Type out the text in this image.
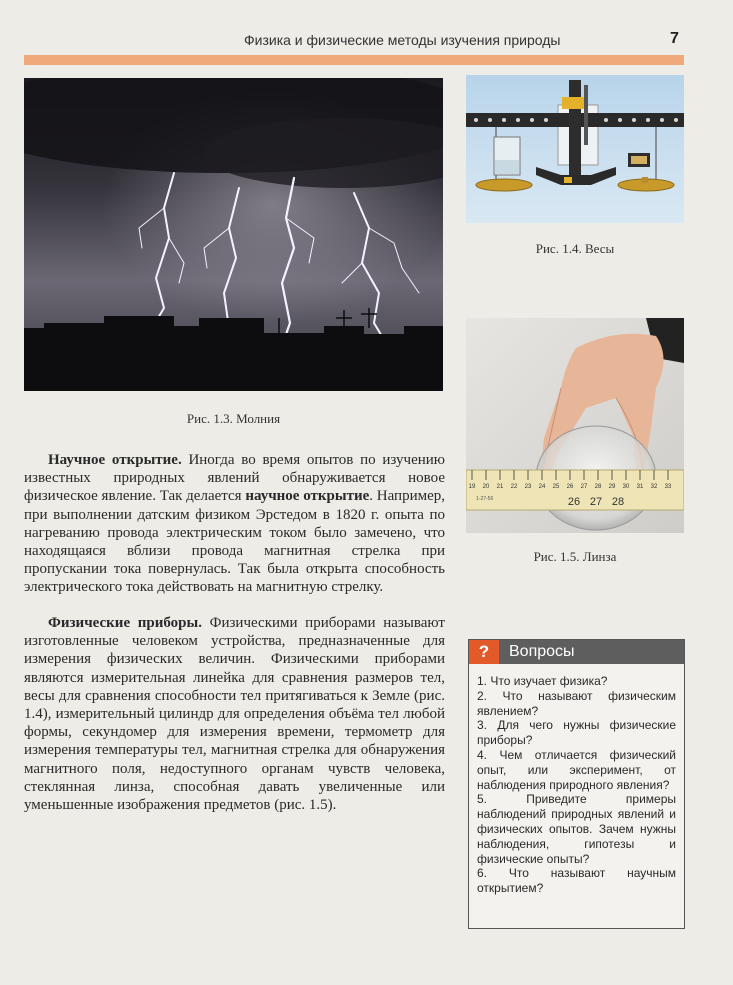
Физика и физические методы изучения природы	7
Рис. 1.3. Молния
Рис. 1.4. Весы
19 20 21 22 23 24 25 26 27 28 29 30 31 32 33
26 27 28
1-27-56
Рис. 1.5. Линза
Научное открытие. Иногда во время опытов по изучению известных природных явлений обнаруживается новое физическое явление. Так делается научное открытие. Например, при выполнении датским физиком Эрстедом в 1820 г. опыта по нагреванию провода электрическим током было замечено, что находящаяся вблизи провода магнитная стрелка при пропускании тока повернулась. Так была открыта способность электрического тока действовать на магнитную стрелку.
Физические приборы. Физическими приборами называют изготовленные человеком устройства, предназначенные для измерения физических величин. Физическими приборами являются измерительная линейка для сравнения размеров тел, весы для сравнения способности тел притягиваться к Земле (рис. 1.4), измерительный цилиндр для определения объёма тел любой формы, секундомер для измерения времени, термометр для измерения температуры тел, магнитная стрелка для обнаружения магнитного поля, недоступного органам чувств человека, стеклянная линза, способная давать увеличенные или уменьшенные изображения предметов (рис. 1.5).
?	Вопросы
1. Что изучает физика?
2. Что называют физическим явлением?
3. Для чего нужны физические приборы?
4. Чем отличается физический опыт, или эксперимент, от наблюдения природного явления?
5. Приведите примеры наблюдений природных явлений и физических опытов. Зачем нужны наблюдения, гипотезы и физические опыты?
6. Что называют научным открытием?
